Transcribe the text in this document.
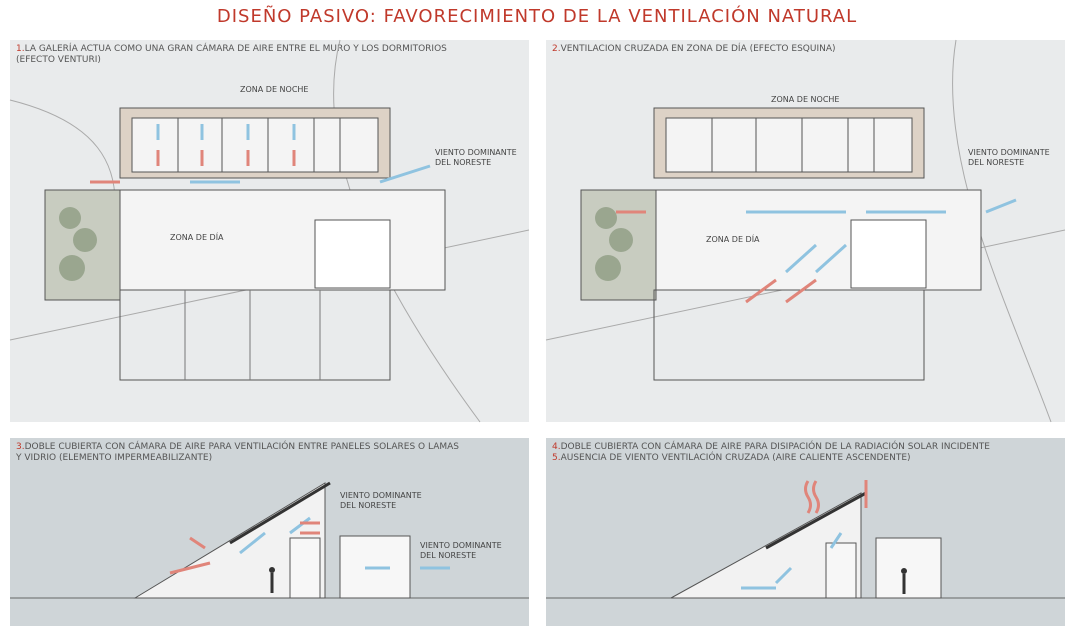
DISEÑO PASIVO: FAVORECIMIENTO DE LA VENTILACIÓN NATURAL
1.LA GALERÍA ACTUA COMO UNA GRAN CÁMARA DE AIRE ENTRE EL MURO Y LOS DORMITORIOS
(EFECTO VENTURI)
ZONA DE NOCHE
ZONA DE DÍA
VIENTO DOMINANTE
DEL NORESTE
2.VENTILACION CRUZADA EN ZONA DE DÍA (EFECTO ESQUINA)
ZONA DE NOCHE
ZONA DE DÍA
VIENTO DOMINANTE
DEL NORESTE
3.DOBLE CUBIERTA CON CÁMARA DE AIRE PARA VENTILACIÓN ENTRE PANELES SOLARES O LAMAS
Y VIDRIO (ELEMENTO IMPERMEABILIZANTE)
VIENTO DOMINANTE
DEL NORESTE
VIENTO DOMINANTE
DEL NORESTE
4.DOBLE CUBIERTA CON CÁMARA DE AIRE PARA DISIPACIÓN DE LA RADIACIÓN SOLAR INCIDENTE
5.AUSENCIA DE VIENTO VENTILACIÓN CRUZADA (AIRE CALIENTE ASCENDENTE)
